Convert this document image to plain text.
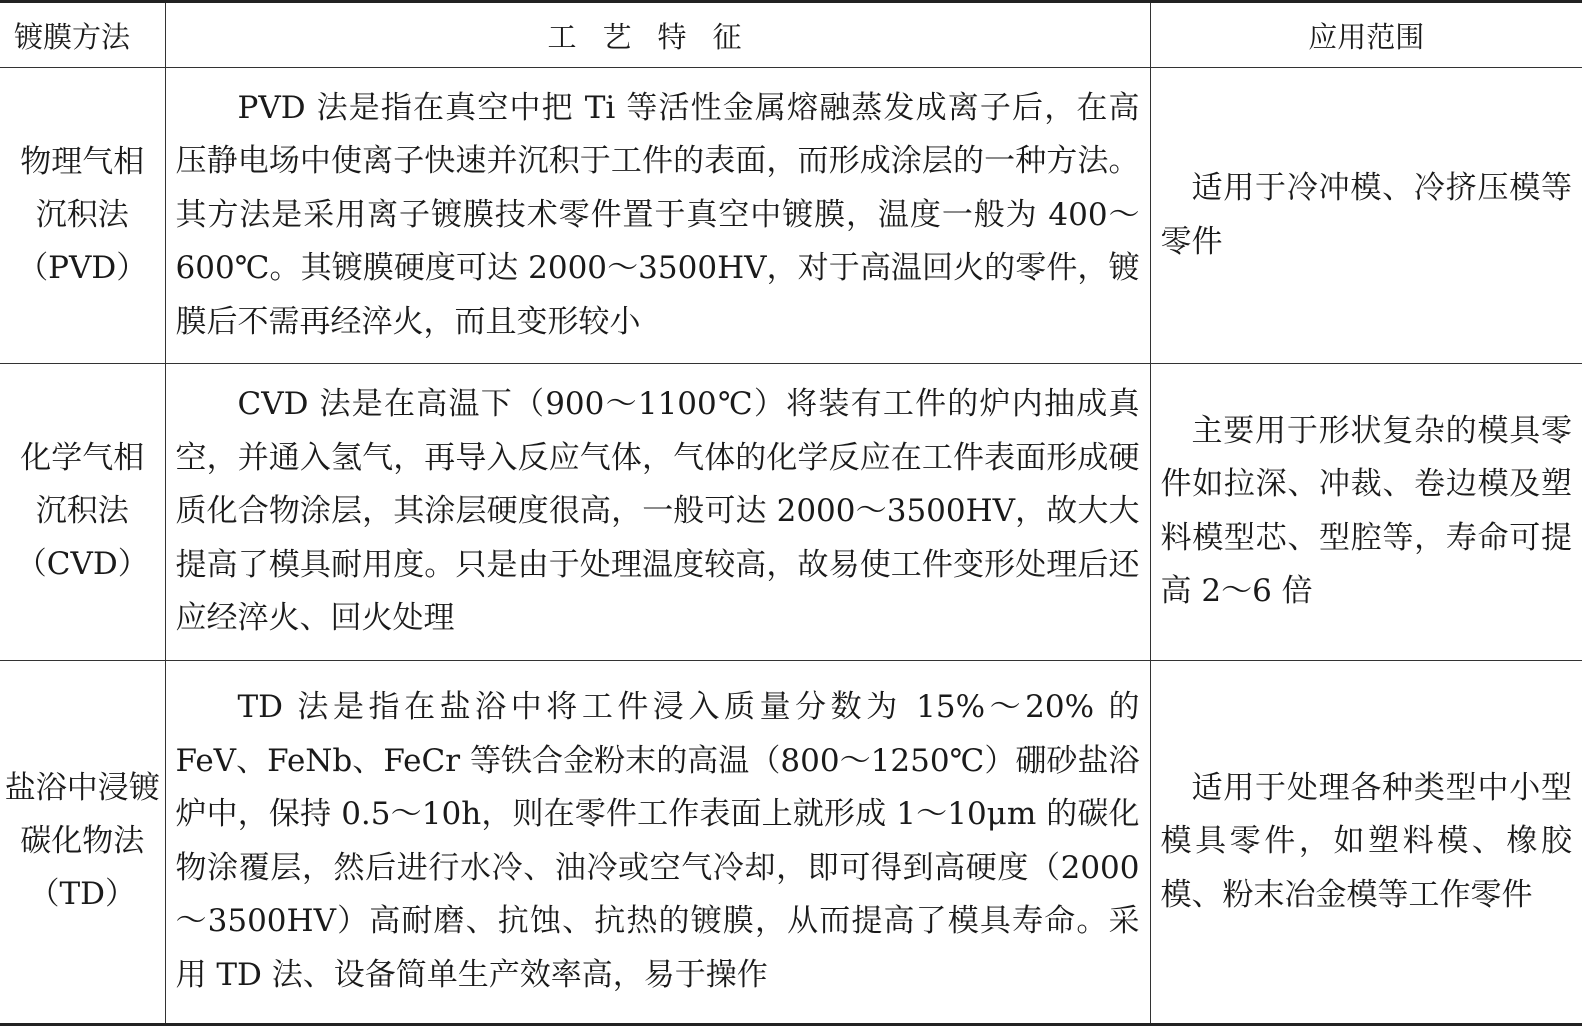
镀膜方法	工艺特征	应用范围

物理气相
沉积法
（PVD）	PVD 法是指在真空中把 Ti 等活性金属熔融蒸发成离子后，在高压静电场中使离子快速并沉积于工件的表面，而形成涂层的一种方法。其方法是采用离子镀膜技术零件置于真空中镀膜，温度一般为 400～600℃。其镀膜硬度可达 2000～3500HV，对于高温回火的零件，镀膜后不需再经淬火，而且变形较小	适用于冷冲模、冷挤压模等零件

化学气相
沉积法
（CVD）	CVD 法是在高温下（900～1100℃）将装有工件的炉内抽成真空，并通入氢气，再导入反应气体，气体的化学反应在工件表面形成硬质化合物涂层，其涂层硬度很高，一般可达 2000～3500HV，故大大提高了模具耐用度。只是由于处理温度较高，故易使工件变形处理后还应经淬火、回火处理	主要用于形状复杂的模具零件如拉深、冲裁、卷边模及塑料模型芯、型腔等，寿命可提高 2～6 倍

盐浴中浸镀
碳化物法
（TD）	TD 法是指在盐浴中将工件浸入质量分数为 15%～20% 的 FeV、FeNb、FeCr 等铁合金粉末的高温（800～1250℃）硼砂盐浴炉中，保持 0.5～10h，则在零件工作表面上就形成 1～10μm 的碳化物涂覆层，然后进行水冷、油冷或空气冷却，即可得到高硬度（2000～3500HV）高耐磨、抗蚀、抗热的镀膜，从而提高了模具寿命。采用 TD 法、设备简单生产效率高，易于操作	适用于处理各种类型中小型模具零件，如塑料模、橡胶模、粉末冶金模等工作零件
